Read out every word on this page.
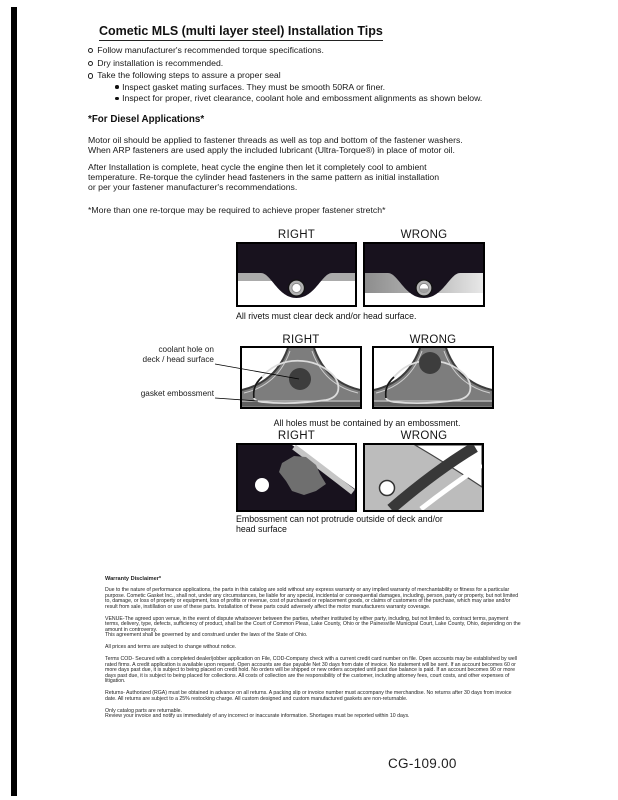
Cometic MLS (multi layer steel) Installation Tips
Follow manufacturer's recommended torque specifications.
Dry installation is recommended.
Take the following steps to assure a proper seal
Inspect gasket mating surfaces. They must be smooth 50RA or finer.
Inspect for proper, rivet clearance, coolant hole and embossment alignments as shown below.
*For Diesel Applications*
Motor oil should be applied to fastener threads as well as top and bottom of the fastener washers.
When ARP fasteners are used apply the included lubricant (Ultra-Torque®) in place of motor oil.
After Installation is complete, heat cycle the engine then let it completely cool to ambient
temperature. Re-torque the cylinder head fasteners in the same pattern as initial installation
or per your fastener manufacturer's recommendations.
*More than one re-torque may be required to achieve proper fastener stretch*
RIGHT	WRONG
All rivets must clear deck and/or head surface.
RIGHT	WRONG
All holes must be contained by an embossment.
coolant hole on
deck / head surface
gasket embossment
RIGHT	WRONG
Embossment can not protrude outside of deck and/or head surface
Warranty Disclaimer*
Due to the nature of performance applications, the parts in this catalog are sold without any express warranty or any implied warranty of merchantability or fitness for a particular purpose. Cometic Gasket Inc., shall not, under any circumstances, be liable for any special, incidental or consequential damages, including, person, party or property, but not limited to, damage, or loss of property or equipment, loss of profits or revenue, cost of purchased or replacement goods, or claims of customers of the purchase, which may arise and/or result from sale, instillation or use of these parts. Installation of these parts could adversely affect the motor manufacturers warranty coverage.
VENUE-The agreed upon venue, in the event of dispute whatsoever between the parties, whether instituted by either party, including, but not limited to, contract terms, payment terms, delivery, type, defects, sufficiency of product, shall be the Court of Common Pleas, Lake County, Ohio or the Painesville Municipal Court, Lake County, Ohio, depending on the amount in controversy.
This agreement shall be governed by and construed under the laws of the State of Ohio.
All prices and terms are subject to change without notice.
Terms COD- Secured with a completed dealer/jobber application on File, COD-Company check with a current credit card number on file. Open accounts may be established by well rated firms. A credit application is available upon request. Open accounts are due payable Net 30 days from date of invoice. No statement will be sent. If an account becomes 60 or more days past due, it is subject to being placed on credit hold. No orders will be shipped or new orders accepted until past due balance is paid. If an account becomes 90 or more days past due, it is subject to being placed for collections. All costs of collection are the responsibility of the customer, including attorney fees, court costs, and other expenses of litigation.
Returns- Authorized (RGA) must be obtained in advance on all returns. A packing slip or invoice number must accompany the merchandise. No returns after 30 days from invoice date. All returns are subject to a 25% restocking charge. All custom designed and custom manufactured gaskets are non-returnable.
Only catalog parts are returnable.
Review your invoice and notify us immediately of any incorrect or inaccurate information. Shortages must be reported within 10 days.
CG-109.00
